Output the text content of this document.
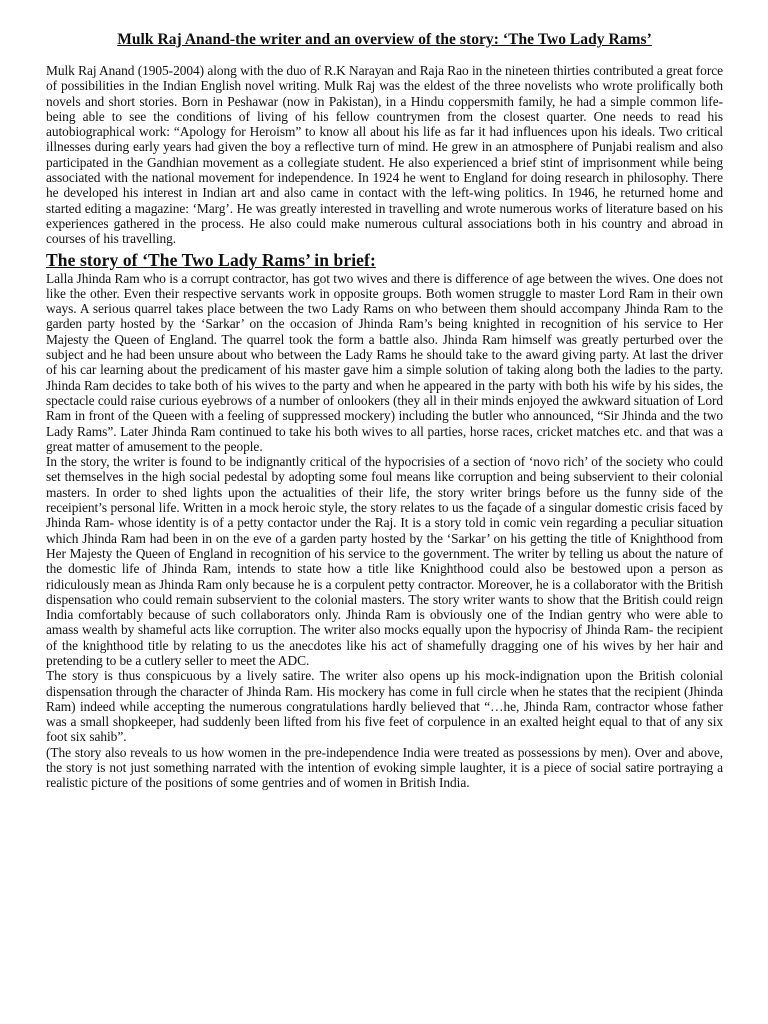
Mulk Raj Anand-the writer and an overview of the story: ‘The Two Lady Rams’

Mulk Raj Anand (1905-2004) along with the duo of R.K Narayan and Raja Rao in the nineteen thirties contributed a great force of possibilities in the Indian English novel writing. Mulk Raj was the eldest of the three novelists who wrote prolifically both novels and short stories. Born in Peshawar (now in Pakistan), in a Hindu coppersmith family, he had a simple common life- being able to see the conditions of living of his fellow countrymen from the closest quarter. One needs to read his autobiographical work: “Apology for Heroism” to know all about his life as far it had influences upon his ideals. Two critical illnesses during early years had given the boy a reflective turn of mind. He grew in an atmosphere of Punjabi realism and also participated in the Gandhian movement as a collegiate student. He also experienced a brief stint of imprisonment while being associated with the national movement for independence. In 1924 he went to England for doing research in philosophy. There he developed his interest in Indian art and also came in contact with the left-wing politics. In 1946, he returned home and started editing a magazine: ‘Marg’. He was greatly interested in travelling and wrote numerous works of literature based on his experiences gathered in the process. He also could make numerous cultural associations both in his country and abroad in courses of his travelling.

The story of ‘The Two Lady Rams’ in brief:

Lalla Jhinda Ram who is a corrupt contractor, has got two wives and there is difference of age between the wives. One does not like the other. Even their respective servants work in opposite groups. Both women struggle to master Lord Ram in their own ways. A serious quarrel takes place between the two Lady Rams on who between them should accompany Jhinda Ram to the garden party hosted by the ‘Sarkar’ on the occasion of Jhinda Ram’s being knighted in recognition of his service to Her Majesty the Queen of England. The quarrel took the form a battle also. Jhinda Ram himself was greatly perturbed over the subject and he had been unsure about who between the Lady Rams he should take to the award giving party. At last the driver of his car learning about the predicament of his master gave him a simple solution of taking along both the ladies to the party. Jhinda Ram decides to take both of his wives to the party and when he appeared in the party with both his wife by his sides, the spectacle could raise curious eyebrows of a number of onlookers (they all in their minds enjoyed the awkward situation of Lord Ram in front of the Queen with a feeling of suppressed mockery) including the butler who announced, “Sir Jhinda and the two Lady Rams”. Later Jhinda Ram continued to take his both wives to all parties, horse races, cricket matches etc. and that was a great matter of amusement to the people.

In the story, the writer is found to be indignantly critical of the hypocrisies of a section of ‘novo rich’ of the society who could set themselves in the high social pedestal by adopting some foul means like corruption and being subservient to their colonial masters. In order to shed lights upon the actualities of their life, the story writer brings before us the funny side of the receipient’s personal life. Written in a mock heroic style, the story relates to us the façade of a singular domestic crisis faced by Jhinda Ram- whose identity is of a petty contactor under the Raj. It is a story told in comic vein regarding a peculiar situation which Jhinda Ram had been in on the eve of a garden party hosted by the ‘Sarkar’ on his getting the title of Knighthood from Her Majesty the Queen of England in recognition of his service to the government. The writer by telling us about the nature of the domestic life of Jhinda Ram, intends to state how a title like Knighthood could also be bestowed upon a person as ridiculously mean as Jhinda Ram only because he is a corpulent petty contractor. Moreover, he is a collaborator with the British dispensation who could remain subservient to the colonial masters. The story writer wants to show that the British could reign India comfortably because of such collaborators only. Jhinda Ram is obviously one of the Indian gentry who were able to amass wealth by shameful acts like corruption. The writer also mocks equally upon the hypocrisy of Jhinda Ram- the recipient of the knighthood title by relating to us the anecdotes like his act of shamefully dragging one of his wives by her hair and pretending to be a cutlery seller to meet the ADC.

The story is thus conspicuous by a lively satire. The writer also opens up his mock-indignation upon the British colonial dispensation through the character of Jhinda Ram. His mockery has come in full circle when he states that the recipient (Jhinda Ram) indeed while accepting the numerous congratulations hardly believed that “…he, Jhinda Ram, contractor whose father was a small shopkeeper, had suddenly been lifted from his five feet of corpulence in an exalted height equal to that of any six foot six sahib”.

(The story also reveals to us how women in the pre-independence India were treated as possessions by men). Over and above, the story is not just something narrated with the intention of evoking simple laughter, it is a piece of social satire portraying a realistic picture of the positions of some gentries and of women in British India.
